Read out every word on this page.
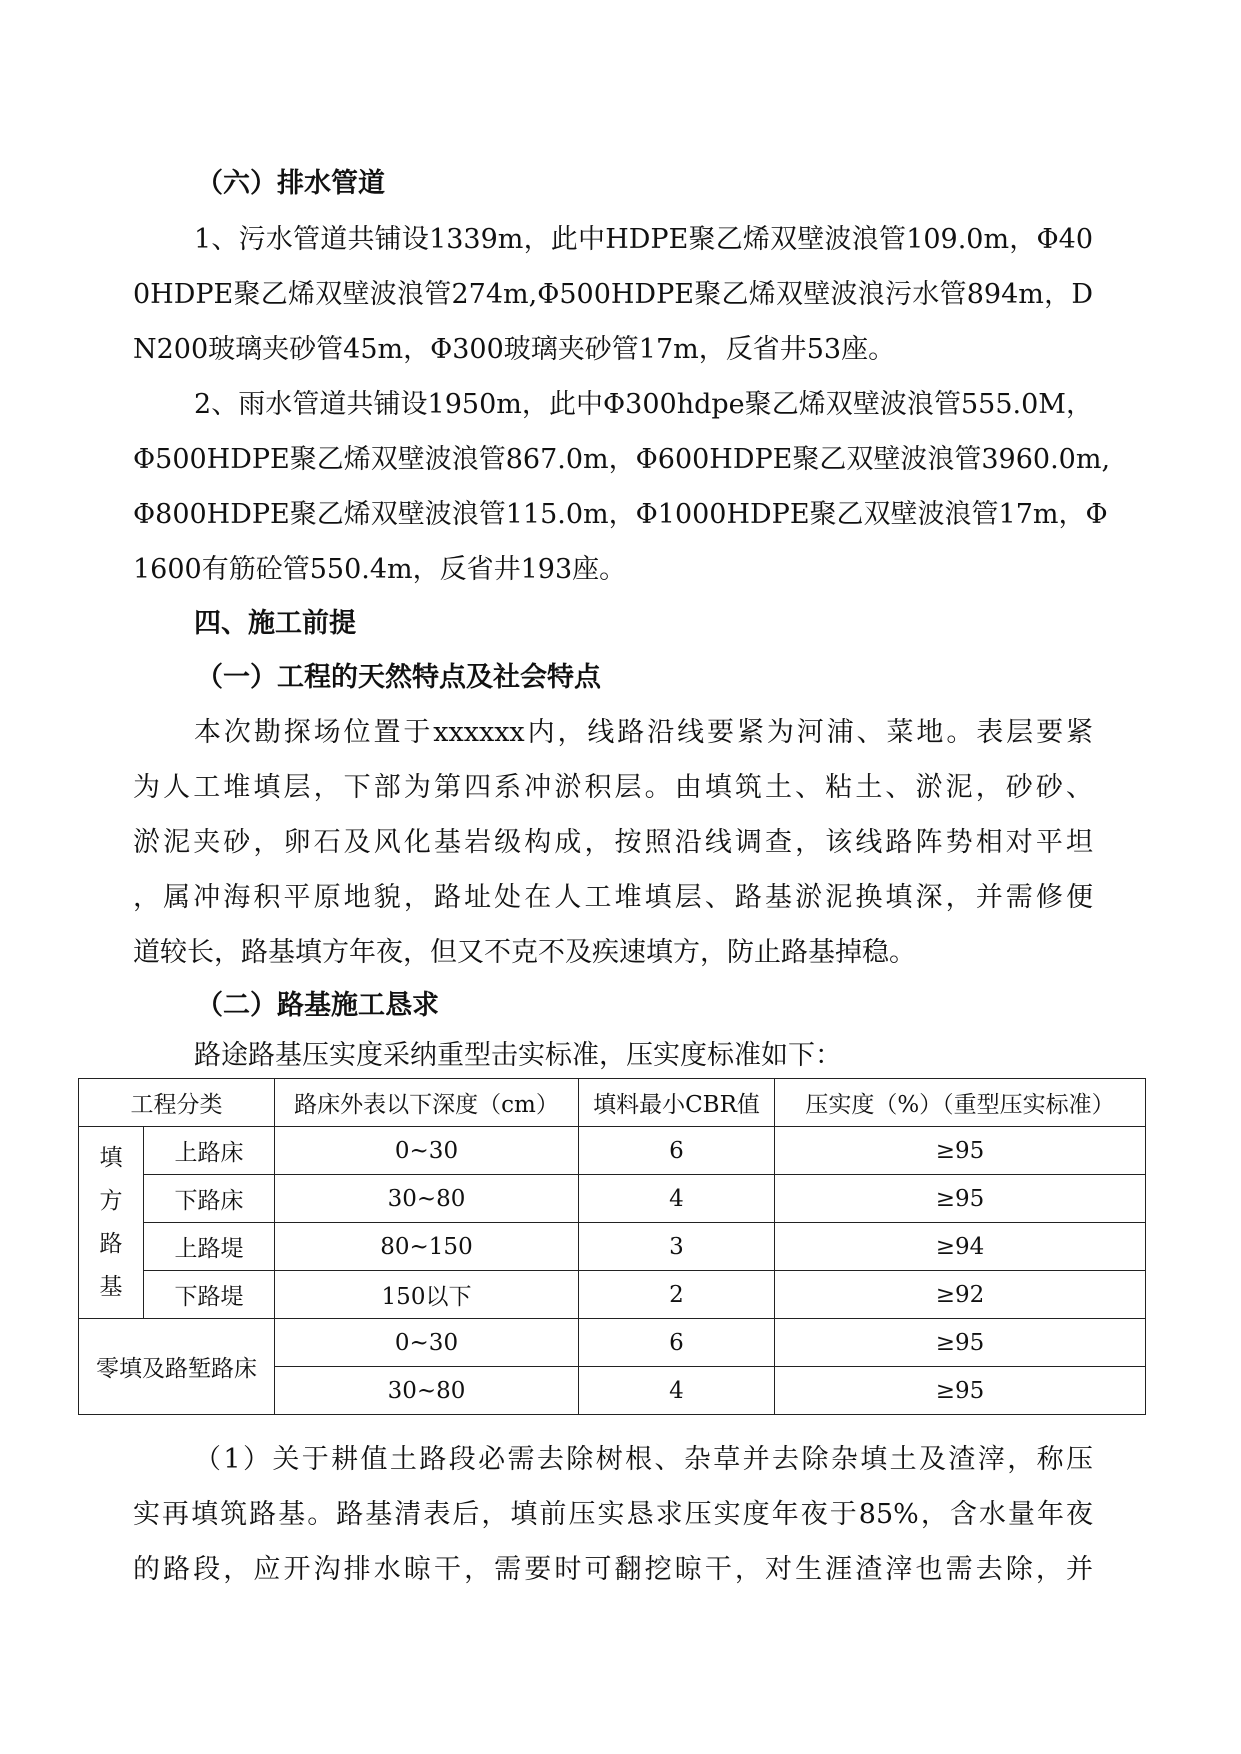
（六）排水管道
1、污水管道共铺设1339m，此中HDPE聚乙烯双壁波浪管109.0m，Φ40
0HDPE聚乙烯双壁波浪管274m,Φ500HDPE聚乙烯双壁波浪污水管894m，D
N200玻璃夹砂管45m，Φ300玻璃夹砂管17m，反省井53座。
2、雨水管道共铺设1950m，此中Φ300hdpe聚乙烯双壁波浪管555.0M，
Φ500HDPE聚乙烯双壁波浪管867.0m，Φ600HDPE聚乙双壁波浪管3960.0m,
Φ800HDPE聚乙烯双壁波浪管115.0m，Φ1000HDPE聚乙双壁波浪管17m，Φ
1600有筋砼管550.4m，反省井193座。
四、施工前提
（一）工程的天然特点及社会特点
本次勘探场位置于xxxxxx内，线路沿线要紧为河浦、菜地。表层要紧
为人工堆填层，下部为第四系冲淤积层。由填筑土、粘土、淤泥，砂砂、
淤泥夹砂，卵石及风化基岩级构成，按照沿线调查，该线路阵势相对平坦
，属冲海积平原地貌，路址处在人工堆填层、路基淤泥换填深，并需修便
道较长，路基填方年夜，但又不克不及疾速填方，防止路基掉稳。
（二）路基施工恳求
路途路基压实度采纳重型击实标准，压实度标准如下：
工程分类		路床外表以下深度（cm）	填料最小CBR值	压实度（%）（重型压实标准）

填
方
路
基	上路床	0~30	6	≥95
	下路床	30~80	4	≥95
	上路堤	80~150	3	≥94
	下路堤	150以下	2	≥92
零填及路堑路床		0~30	6	≥95
		30~80	4	≥95
（1）关于耕值土路段必需去除树根、杂草并去除杂填土及渣滓，称压
实再填筑路基。路基清表后，填前压实恳求压实度年夜于85%，含水量年夜
的路段，应开沟排水晾干，需要时可翻挖晾干，对生涯渣滓也需去除，并
